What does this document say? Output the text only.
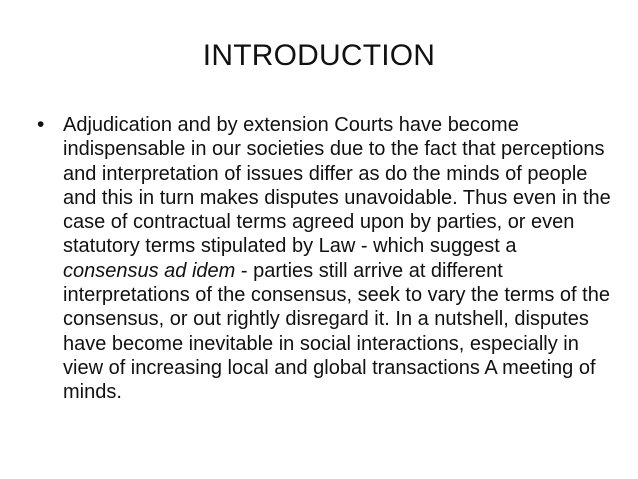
INTRODUCTION
• Adjudication and by extension Courts have become indispensable in our societies due to the fact that perceptions and interpretation of issues differ as do the minds of people and this in turn makes disputes unavoidable. Thus even in the case of contractual terms agreed upon by parties, or even statutory terms stipulated by Law - which suggest a consensus ad idem - parties still arrive at different interpretations of the consensus, seek to vary the terms of the consensus, or out rightly disregard it. In a nutshell, disputes have become inevitable in social interactions, especially in view of increasing local and global transactions A meeting of minds.
